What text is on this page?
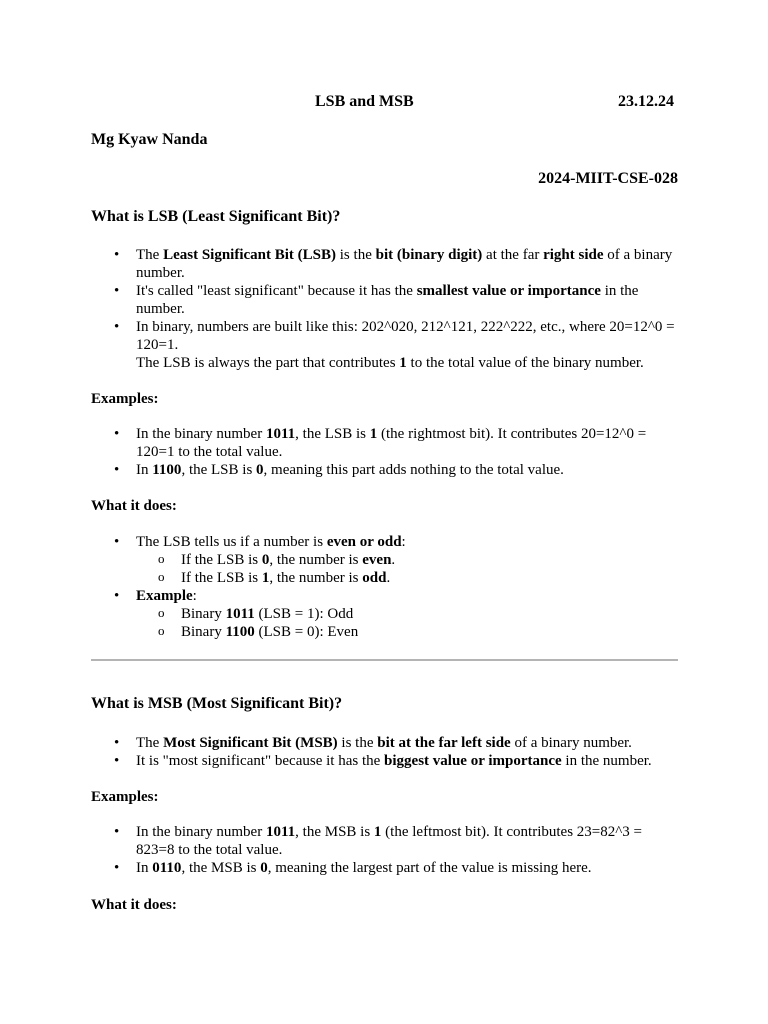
LSB and MSB	23.12.24
Mg Kyaw Nanda
2024-MIIT-CSE-028
What is LSB (Least Significant Bit)?
• The Least Significant Bit (LSB) is the bit (binary digit) at the far right side of a binary number.
• It's called "least significant" because it has the smallest value or importance in the number.
• In binary, numbers are built like this: 202^020, 212^121, 222^222, etc., where 20=12^0 = 120=1.
The LSB is always the part that contributes 1 to the total value of the binary number.
Examples:
• In the binary number 1011, the LSB is 1 (the rightmost bit). It contributes 20=12^0 = 120=1 to the total value.
• In 1100, the LSB is 0, meaning this part adds nothing to the total value.
What it does:
• The LSB tells us if a number is even or odd:
o If the LSB is 0, the number is even.
o If the LSB is 1, the number is odd.
• Example:
o Binary 1011 (LSB = 1): Odd
o Binary 1100 (LSB = 0): Even
What is MSB (Most Significant Bit)?
• The Most Significant Bit (MSB) is the bit at the far left side of a binary number.
• It is "most significant" because it has the biggest value or importance in the number.
Examples:
• In the binary number 1011, the MSB is 1 (the leftmost bit). It contributes 23=82^3 = 823=8 to the total value.
• In 0110, the MSB is 0, meaning the largest part of the value is missing here.
What it does:
